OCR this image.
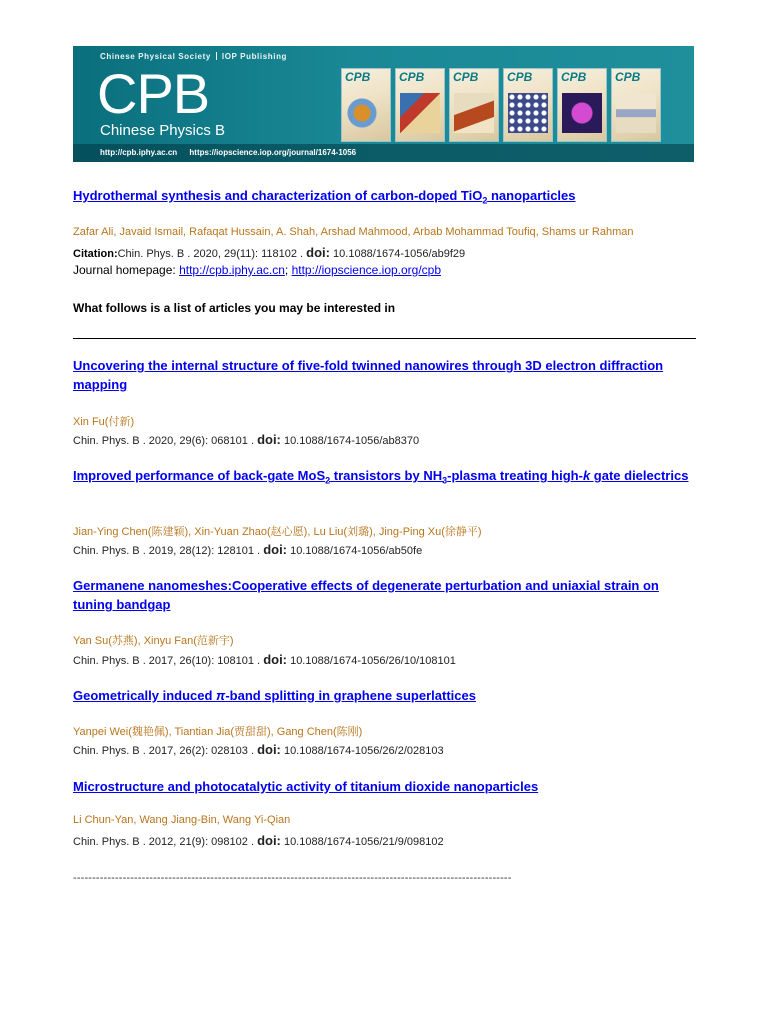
Chinese Physical Society IOP Publishing
CPB
Chinese Physics B
CPB	CPB	CPB	CPB	CPB	CPB
http://cpb.iphy.ac.cn https://iopscience.iop.org/journal/1674-1056
Hydrothermal synthesis and characterization of carbon-doped TiO$_2$ nanoparticles
Zafar Ali, Javaid Ismail, Rafaqat Hussain, A. Shah, Arshad Mahmood, Arbab Mohammad Toufiq, Shams ur Rahman
Citation:Chin. Phys. B . 2020, 29(11): 118102 . doi: 10.1088/1674-1056/ab9f29
Journal homepage: http://cpb.iphy.ac.cn; http://iopscience.iop.org/cpb
What follows is a list of articles you may be interested in
Uncovering the internal structure of five-fold twinned nanowires through 3D electron diffraction mapping
Xin Fu(付新)
Chin. Phys. B . 2020, 29(6): 068101 . doi: 10.1088/1674-1056/ab8370
Improved performance of back-gate MoS$_2$ transistors by $NH_3$-plasma treating high-k gate dielectrics
Jian-Ying Chen(陈建颖), Xin-Yuan Zhao(赵心愿), Lu Liu(刘璐), Jing-Ping Xu(徐静平)
Chin. Phys. B . 2019, 28(12): 128101 . doi: 10.1088/1674-1056/ab50fe
Germanene nanomeshes:Cooperative effects of degenerate perturbation and uniaxial strain on tuning bandgap
Yan Su(苏燕), Xinyu Fan(范新宇)
Chin. Phys. B . 2017, 26(10): 108101 . doi: 10.1088/1674-1056/26/10/108101
Geometrically induced π-band splitting in graphene superlattices
Yanpei Wei(魏艳佩), Tiantian Jia(贾甜甜), Gang Chen(陈刚)
Chin. Phys. B . 2017, 26(2): 028103 . doi: 10.1088/1674-1056/26/2/028103
Microstructure and photocatalytic activity of titanium dioxide nanoparticles
Li Chun-Yan, Wang Jiang-Bin, Wang Yi-Qian
Chin. Phys. B . 2012, 21(9): 098102 . doi: 10.1088/1674-1056/21/9/098102
-------------------------------------------------------------------------------------------------------------------
